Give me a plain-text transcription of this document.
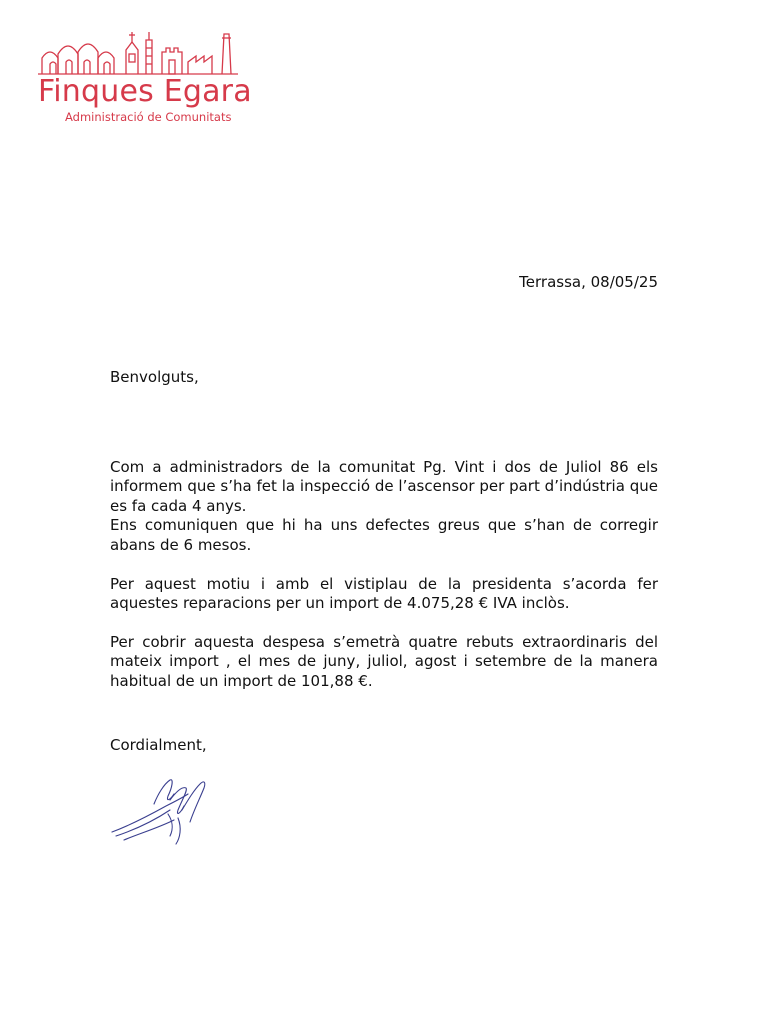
Finques Egara
Administració de Comunitats
Terrassa, 08/05/25
Benvolguts,

Com a administradors de la comunitat Pg. Vint i dos de Juliol 86 els informem que s’ha fet la inspecció de l’ascensor per part d’indústria que es fa cada 4 anys.
Ens comuniquen que hi ha uns defectes greus que s’han de corregir abans de 6 mesos.

Per aquest motiu i amb el vistiplau de la presidenta s’acorda fer aquestes reparacions per un import de 4.075,28 € IVA inclòs.

Per cobrir aquesta despesa s’emetrà quatre rebuts extraordinaris del mateix import , el mes de juny, juliol, agost i setembre de la manera habitual de un import de 101,88 €.

Cordialment,
